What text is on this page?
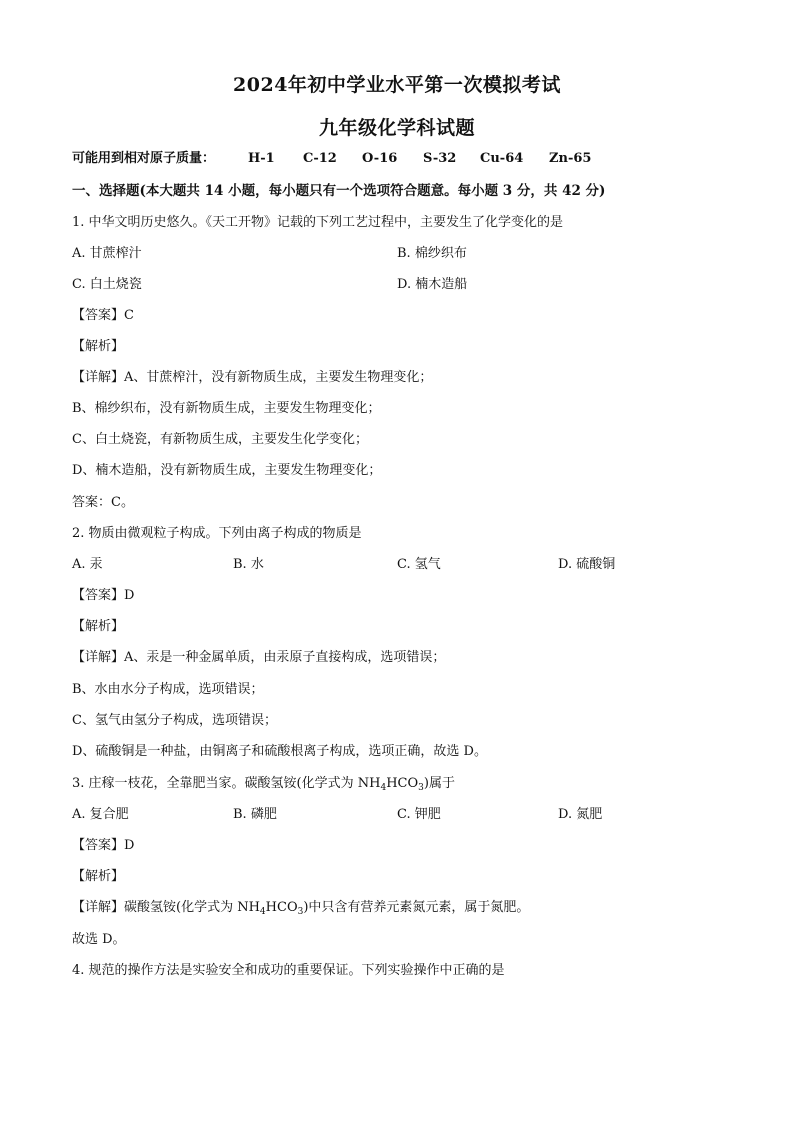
2024年初中学业水平第一次模拟考试
九年级化学科试题
可能用到相对原子质量：	H-1 C-12 O-16 S-32 Cu-64 Zn-65
一、选择题(本大题共 14 小题，每小题只有一个选项符合题意。每小题 3 分，共 42 分)
1. 中华文明历史悠久。《天工开物》记载的下列工艺过程中，主要发生了化学变化的是
A. 甘蔗榨汁	B. 棉纱织布
C. 白土烧瓷	D. 楠木造船
【答案】C
【解析】
【详解】A、甘蔗榨汁，没有新物质生成，主要发生物理变化；
B、棉纱织布，没有新物质生成，主要发生物理变化；
C、白土烧瓷，有新物质生成，主要发生化学变化；
D、楠木造船，没有新物质生成，主要发生物理变化；
答案：C。
2. 物质由微观粒子构成。下列由离子构成的物质是
A. 汞	B. 水	C. 氢气	D. 硫酸铜
【答案】D
【解析】
【详解】A、汞是一种金属单质，由汞原子直接构成，选项错误；
B、水由水分子构成，选项错误；
C、氢气由氢分子构成，选项错误；
D、硫酸铜是一种盐，由铜离子和硫酸根离子构成，选项正确，故选 D。
3. 庄稼一枝花，全靠肥当家。碳酸氢铵(化学式为 $NH_4HCO_3$)属于
A. 复合肥	B. 磷肥	C. 钾肥	D. 氮肥
【答案】D
【解析】
【详解】碳酸氢铵(化学式为 $NH_4HCO_3$)中只含有营养元素氮元素，属于氮肥。
故选 D。
4. 规范的操作方法是实验安全和成功的重要保证。下列实验操作中正确的是
